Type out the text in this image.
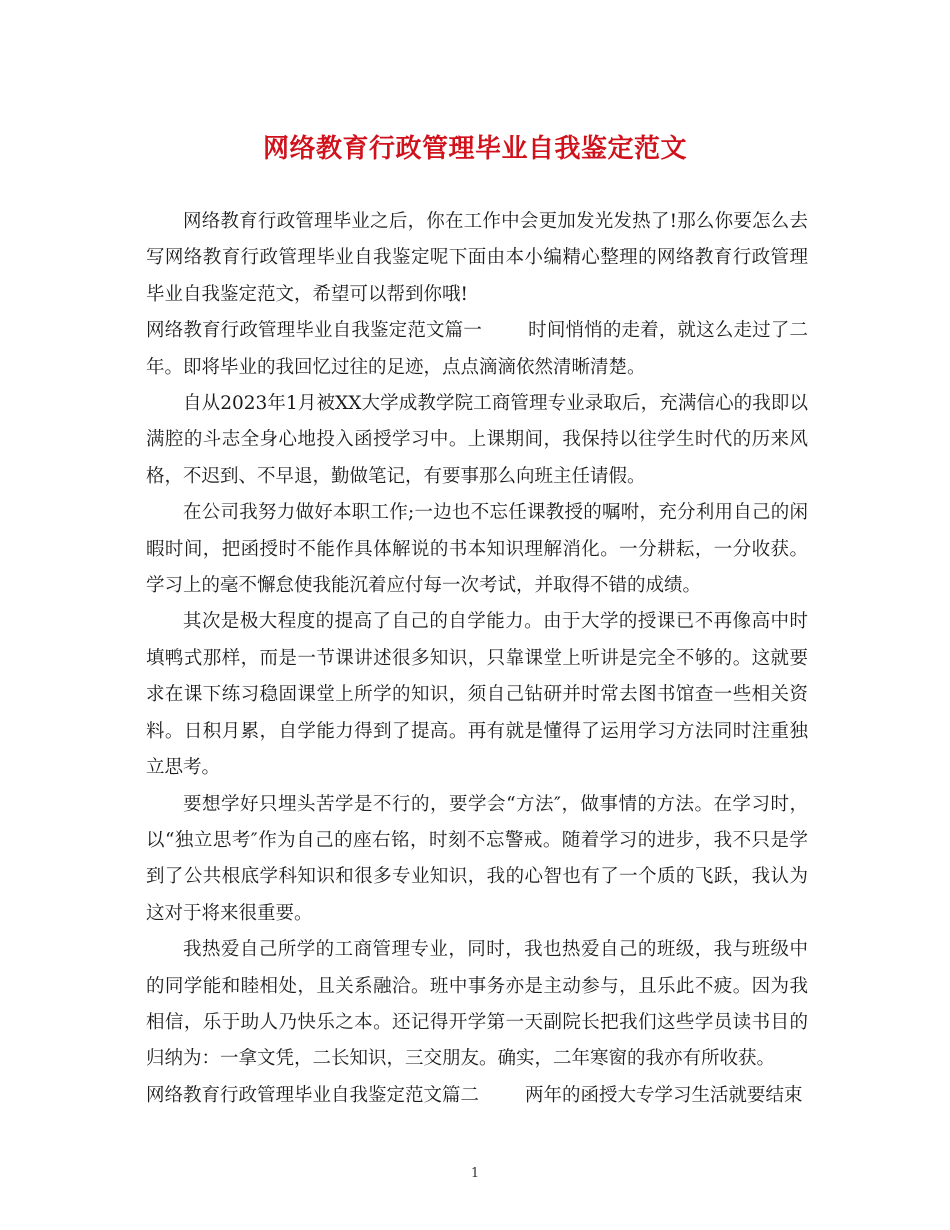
网络教育行政管理毕业自我鉴定范文

网络教育行政管理毕业之后，你在工作中会更加发光发热了!那么你要怎么去写网络教育行政管理毕业自我鉴定呢下面由本小编精心整理的网络教育行政管理毕业自我鉴定范文，希望可以帮到你哦!

网络教育行政管理毕业自我鉴定范文篇一 时间悄悄的走着，就这么走过了二年。即将毕业的我回忆过往的足迹，点点滴滴依然清晰清楚。

自从2023年1月被XX大学成教学院工商管理专业录取后，充满信心的我即以满腔的斗志全身心地投入函授学习中。上课期间，我保持以往学生时代的历来风格，不迟到、不早退，勤做笔记，有要事那么向班主任请假。

在公司我努力做好本职工作;一边也不忘任课教授的嘱咐，充分利用自己的闲暇时间，把函授时不能作具体解说的书本知识理解消化。一分耕耘，一分收获。学习上的毫不懈怠使我能沉着应付每一次考试，并取得不错的成绩。

其次是极大程度的提高了自己的自学能力。由于大学的授课已不再像高中时填鸭式那样，而是一节课讲述很多知识，只靠课堂上听讲是完全不够的。这就要求在课下练习稳固课堂上所学的知识，须自己钻研并时常去图书馆查一些相关资料。日积月累，自学能力得到了提高。再有就是懂得了运用学习方法同时注重独立思考。

要想学好只埋头苦学是不行的，要学会“方法″，做事情的方法。在学习时，以“独立思考″作为自己的座右铭，时刻不忘警戒。随着学习的进步，我不只是学到了公共根底学科知识和很多专业知识，我的心智也有了一个质的飞跃，我认为这对于将来很重要。

我热爱自己所学的工商管理专业，同时，我也热爱自己的班级，我与班级中的同学能和睦相处，且关系融洽。班中事务亦是主动参与，且乐此不疲。因为我相信，乐于助人乃快乐之本。还记得开学第一天副院长把我们这些学员读书目的归纳为：一拿文凭，二长知识，三交朋友。确实，二年寒窗的我亦有所收获。

网络教育行政管理毕业自我鉴定范文篇二 两年的函授大专学习生活就要结束

1
